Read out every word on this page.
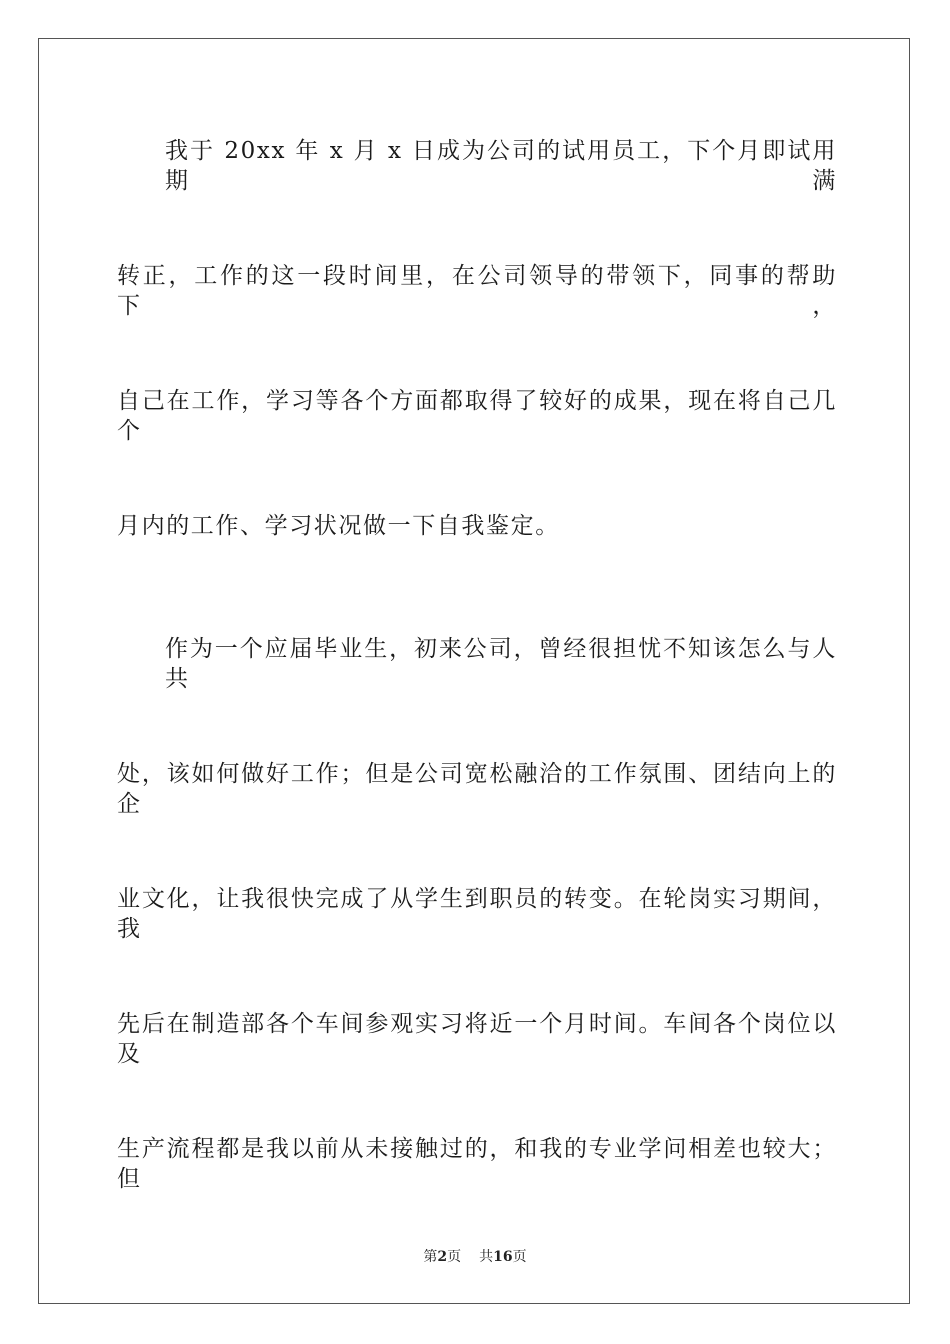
我于 20xx 年 x 月 x 日成为公司的试用员工，下个月即试用期满
转正，工作的这一段时间里，在公司领导的带领下，同事的帮助下，
自己在工作，学习等各个方面都取得了较好的成果，现在将自己几个
月内的工作、学习状况做一下自我鉴定。
作为一个应届毕业生，初来公司，曾经很担忧不知该怎么与人共
处，该如何做好工作；但是公司宽松融洽的工作氛围、团结向上的企
业文化，让我很快完成了从学生到职员的转变。在轮岗实习期间，我
先后在制造部各个车间参观实习将近一个月时间。车间各个岗位以及
生产流程都是我以前从未接触过的，和我的专业学问相差也较大；但
第2页 共16页
